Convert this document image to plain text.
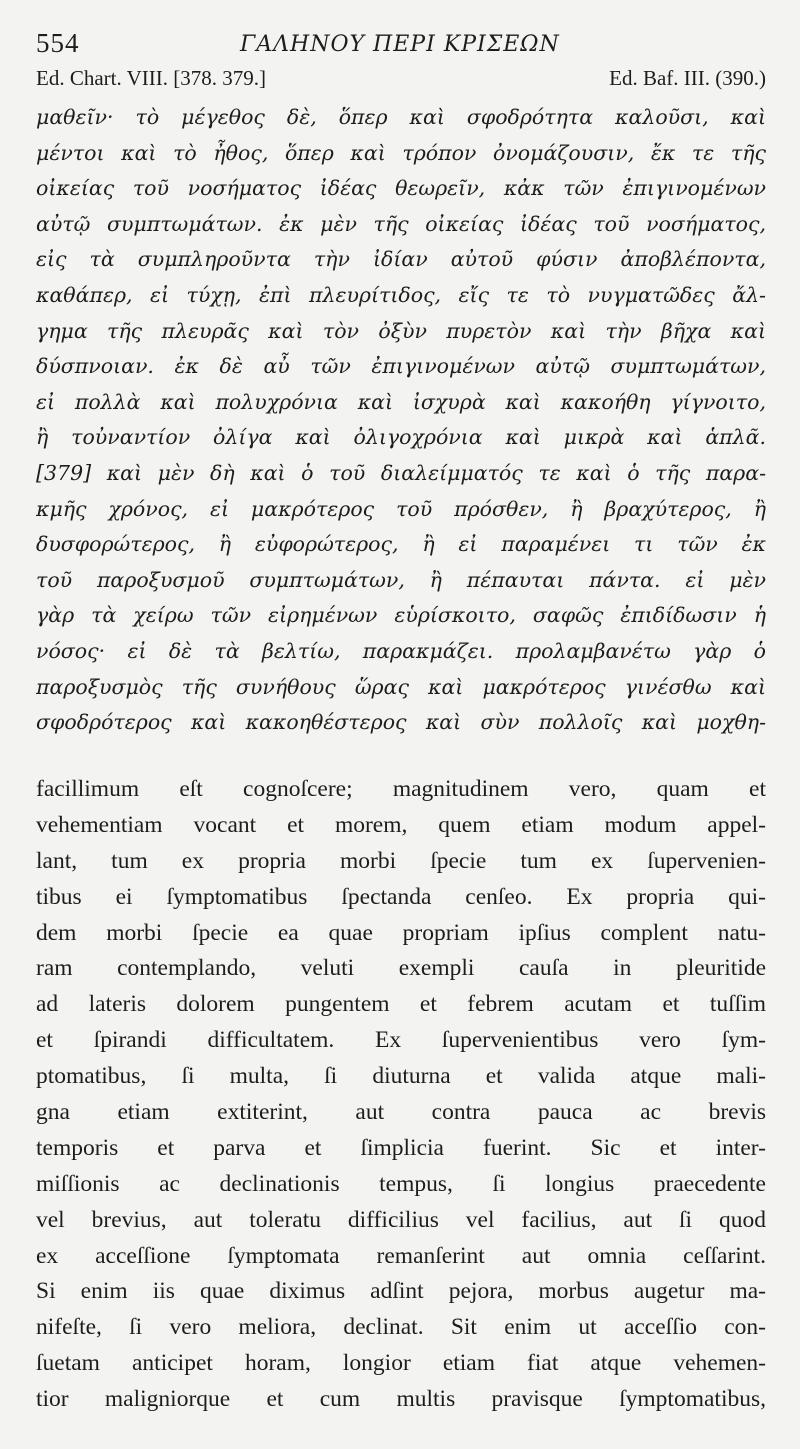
554	ΓΑΛΗΝΟΥ ΠΕΡΙ ΚΡΙΣΕΩΝ
Ed. Chart. VIII. [378. 379.]	Ed. Baf. III. (390.)
μαθεῖν· τὸ μέγεθος δὲ, ὅπερ καὶ σφοδρότητα καλοῦσι, καὶ
μέντοι καὶ τὸ ἦθος, ὅπερ καὶ τρόπον ὀνομάζουσιν, ἔκ τε τῆς
οἰκείας τοῦ νοσήματος ἰδέας θεωρεῖν, κἀκ τῶν ἐπιγινομένων
αὐτῷ συμπτωμάτων. ἐκ μὲν τῆς οἰκείας ἰδέας τοῦ νοσήματος,
εἰς τὰ συμπληροῦντα τὴν ἰδίαν αὐτοῦ φύσιν ἀποβλέποντα,
καθάπερ, εἰ τύχῃ, ἐπὶ πλευρίτιδος, εἴς τε τὸ νυγματῶδες ἄλ-
γημα τῆς πλευρᾶς καὶ τὸν ὀξὺν πυρετὸν καὶ τὴν βῆχα καὶ
δύσπνοιαν. ἐκ δὲ αὖ τῶν ἐπιγινομένων αὐτῷ συμπτωμάτων,
εἰ πολλὰ καὶ πολυχρόνια καὶ ἰσχυρὰ καὶ κακοήθη γίγνοιτο,
ἢ τοὐναντίον ὀλίγα καὶ ὀλιγοχρόνια καὶ μικρὰ καὶ ἁπλᾶ.
[379] καὶ μὲν δὴ καὶ ὁ τοῦ διαλείμματός τε καὶ ὁ τῆς παρα-
κμῆς χρόνος, εἰ μακρότερος τοῦ πρόσθεν, ἢ βραχύτερος, ἢ
δυσφορώτερος, ἢ εὐφορώτερος, ἢ εἰ παραμένει τι τῶν ἐκ
τοῦ παροξυσμοῦ συμπτωμάτων, ἢ πέπαυται πάντα. εἰ μὲν
γὰρ τὰ χείρω τῶν εἰρημένων εὑρίσκοιτο, σαφῶς ἐπιδίδωσιν ἡ
νόσος· εἰ δὲ τὰ βελτίω, παρακμάζει. προλαμβανέτω γὰρ ὁ
παροξυσμὸς τῆς συνήθους ὥρας καὶ μακρότερος γινέσθω καὶ
σφοδρότερος καὶ κακοηθέστερος καὶ σὺν πολλοῖς καὶ μοχθη-
facillimum eſt cognoſcere; magnitudinem vero, quam et
vehementiam vocant et morem, quem etiam modum appel-
lant, tum ex propria morbi ſpecie tum ex ſupervenien-
tibus ei ſymptomatibus ſpectanda cenſeo. Ex propria qui-
dem morbi ſpecie ea quae propriam ipſius complent natu-
ram contemplando, veluti exempli cauſa in pleuritide
ad lateris dolorem pungentem et febrem acutam et tuſſim
et ſpirandi difficultatem. Ex ſupervenientibus vero ſym-
ptomatibus, ſi multa, ſi diuturna et valida atque mali-
gna etiam extiterint, aut contra pauca ac brevis
temporis et parva et ſimplicia fuerint. Sic et inter-
miſſionis ac declinationis tempus, ſi longius praecedente
vel brevius, aut toleratu difficilius vel facilius, aut ſi quod
ex acceſſione ſymptomata remanſerint aut omnia ceſſarint.
Si enim iis quae diximus adſint pejora, morbus augetur ma-
nifeſte, ſi vero meliora, declinat. Sit enim ut acceſſio con-
ſuetam anticipet horam, longior etiam fiat atque vehemen-
tior maligniorque et cum multis pravisque ſymptomatibus,
